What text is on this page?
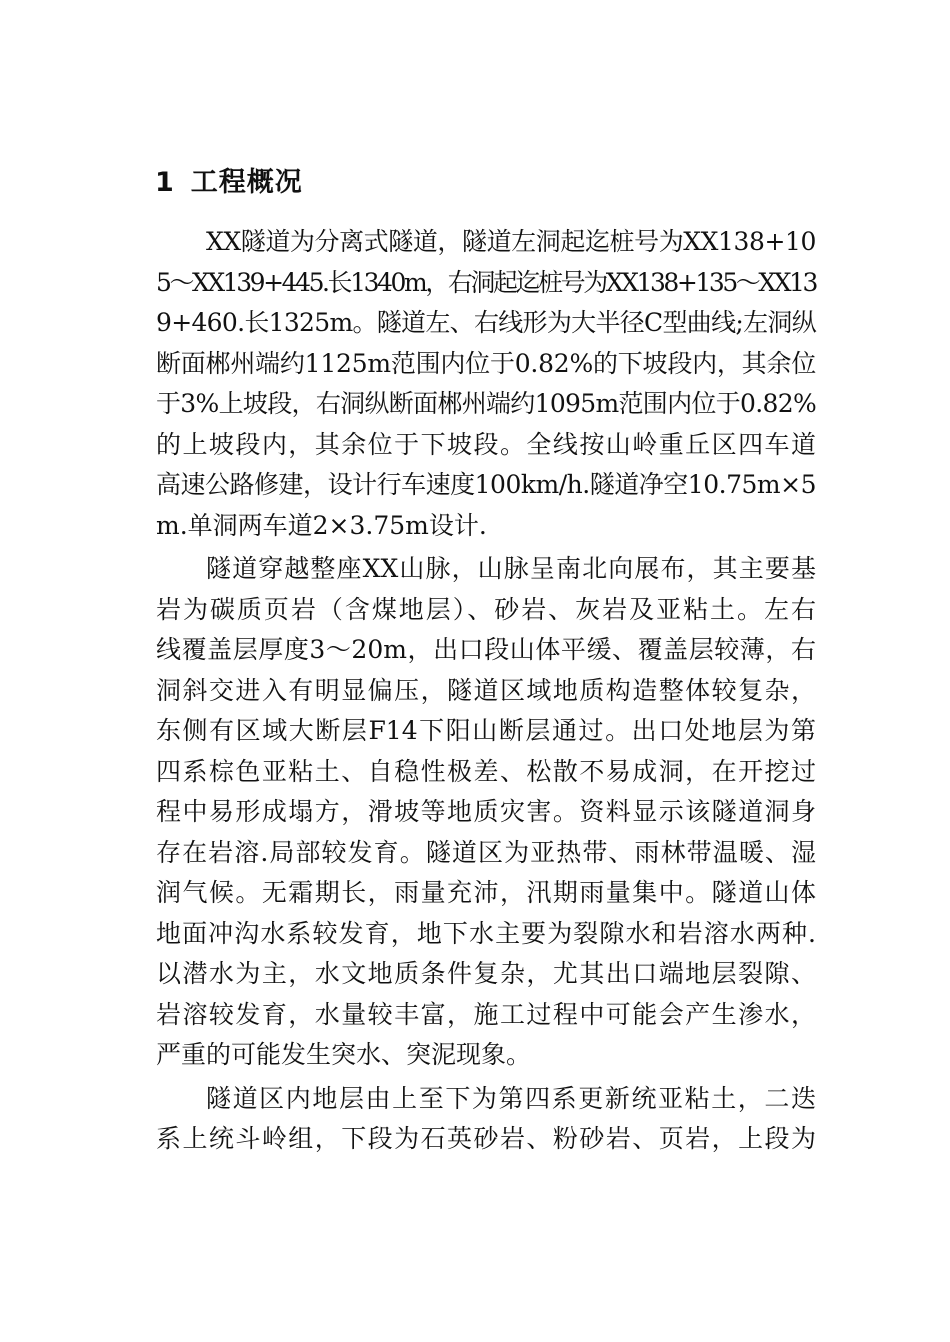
1 工程概况
XX隧道为分离式隧道，隧道左洞起迄桩号为XX138+10
5～XX139+445.长1340m，右洞起迄桩号为XX138+135～XX13
9+460.长1325m。隧道左、右线形为大半径C型曲线;左洞纵
断面郴州端约1125m范围内位于0.82%的下坡段内，其余位
于3%上坡段，右洞纵断面郴州端约1095m范围内位于0.82%
的上坡段内，其余位于下坡段。全线按山岭重丘区四车道
高速公路修建，设计行车速度100km/h.隧道净空10.75m×5
m.单洞两车道2×3.75m设计.
隧道穿越整座XX山脉，山脉呈南北向展布，其主要基
岩为碳质页岩（含煤地层）、砂岩、灰岩及亚粘土。左右
线覆盖层厚度3～20m，出口段山体平缓、覆盖层较薄，右
洞斜交进入有明显偏压，隧道区域地质构造整体较复杂，
东侧有区域大断层F14下阳山断层通过。出口处地层为第
四系棕色亚粘土、自稳性极差、松散不易成洞，在开挖过
程中易形成塌方，滑坡等地质灾害。资料显示该隧道洞身
存在岩溶.局部较发育。隧道区为亚热带、雨林带温暖、湿
润气候。无霜期长，雨量充沛，汛期雨量集中。隧道山体
地面冲沟水系较发育，地下水主要为裂隙水和岩溶水两种.
以潜水为主，水文地质条件复杂，尤其出口端地层裂隙、
岩溶较发育，水量较丰富，施工过程中可能会产生渗水，
严重的可能发生突水、突泥现象。
隧道区内地层由上至下为第四系更新统亚粘土，二迭
系上统斗岭组，下段为石英砂岩、粉砂岩、页岩，上段为
